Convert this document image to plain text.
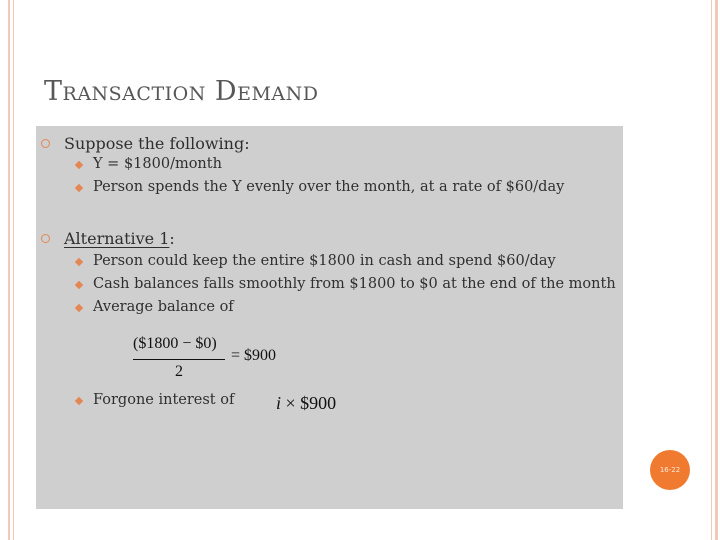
TRANSACTION DEMAND
Suppose the following:
Y = $1800/month
Person spends the Y evenly over the month, at a rate of $60/day
Alternative 1:
Person could keep the entire $1800 in cash and spend $60/day
Cash balances falls smoothly from $1800 to $0 at the end of the month
Average balance of
($1800 − $0)
2
= $900
Forgone interest of i × $900
16-22
